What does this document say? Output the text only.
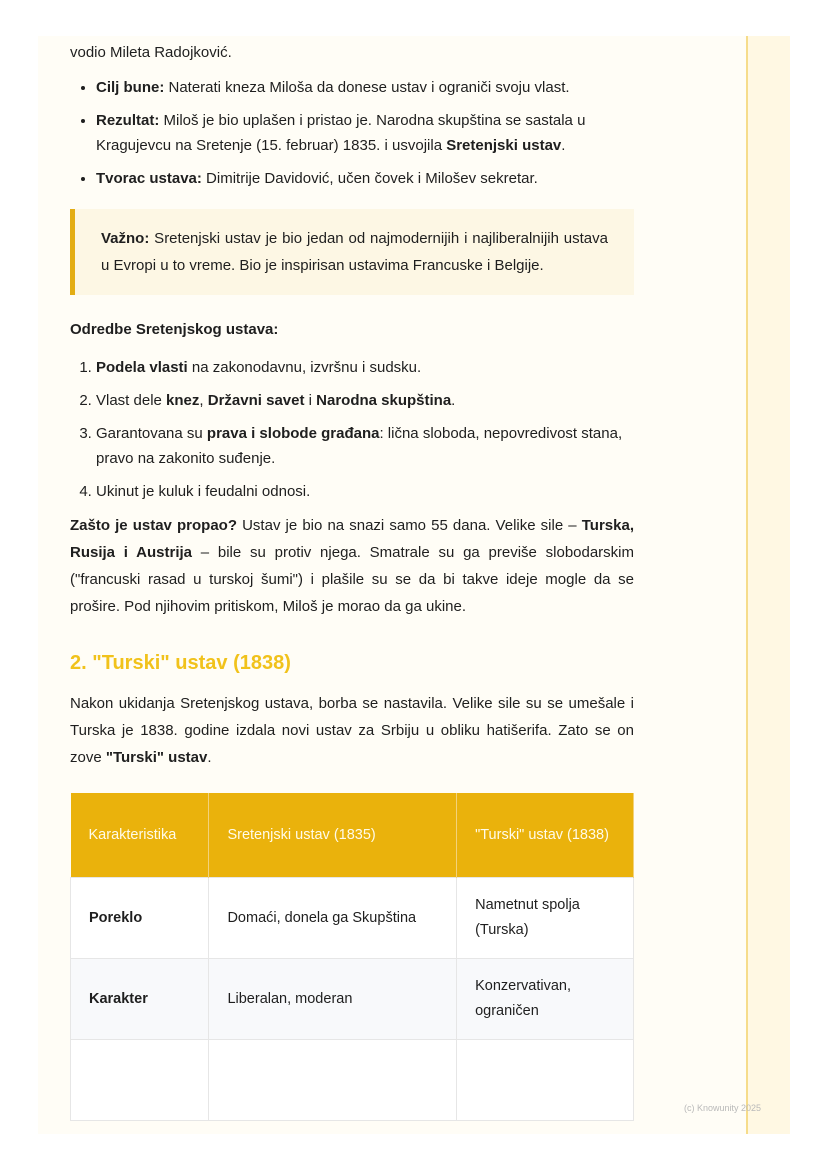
vodio Mileta Radojković.

• Cilj bune: Naterati kneza Miloša da donese ustav i ograniči svoju vlast.
• Rezultat: Miloš je bio uplašen i pristao je. Narodna skupština se sastala u Kragujevcu na Sretenje (15. februar) 1835. i usvojila Sretenjski ustav.
• Tvorac ustava: Dimitrije Davidović, učen čovek i Milošev sekretar.
Važno: Sretenjski ustav je bio jedan od najmodernijih i najliberalnijih ustava u Evropi u to vreme. Bio je inspirisan ustavima Francuske i Belgije.

Odredbe Sretenjskog ustava:

1. Podela vlasti na zakonodavnu, izvršnu i sudsku.
2. Vlast dele knez, Državni savet i Narodna skupština.
3. Garantovana su prava i slobode građana: lična sloboda, nepovredivost stana, pravo na zakonito suđenje.
4. Ukinut je kuluk i feudalni odnosi.

Zašto je ustav propao? Ustav je bio na snazi samo 55 dana. Velike sile – Turska, Rusija i Austrija – bile su protiv njega. Smatrale su ga previše slobodarskim ("francuski rasad u turskoj šumi") i plašile su se da bi takve ideje mogle da se prošire. Pod njihovim pritiskom, Miloš je morao da ga ukine.

2. "Turski" ustav (1838)

Nakon ukidanja Sretenjskog ustava, borba se nastavila. Velike sile su se umešale i Turska je 1838. godine izdala novi ustav za Srbiju u obliku hatišerifa. Zato se on zove "Turski" ustav.

Karakteristika	Sretenjski ustav (1835)	"Turski" ustav (1838)
Poreklo	Domaći, donela ga Skupština	Nametnut spolja (Turska)
Karakter	Liberalan, moderan	Konzervativan, ograničen

(c) Knowunity 2025
